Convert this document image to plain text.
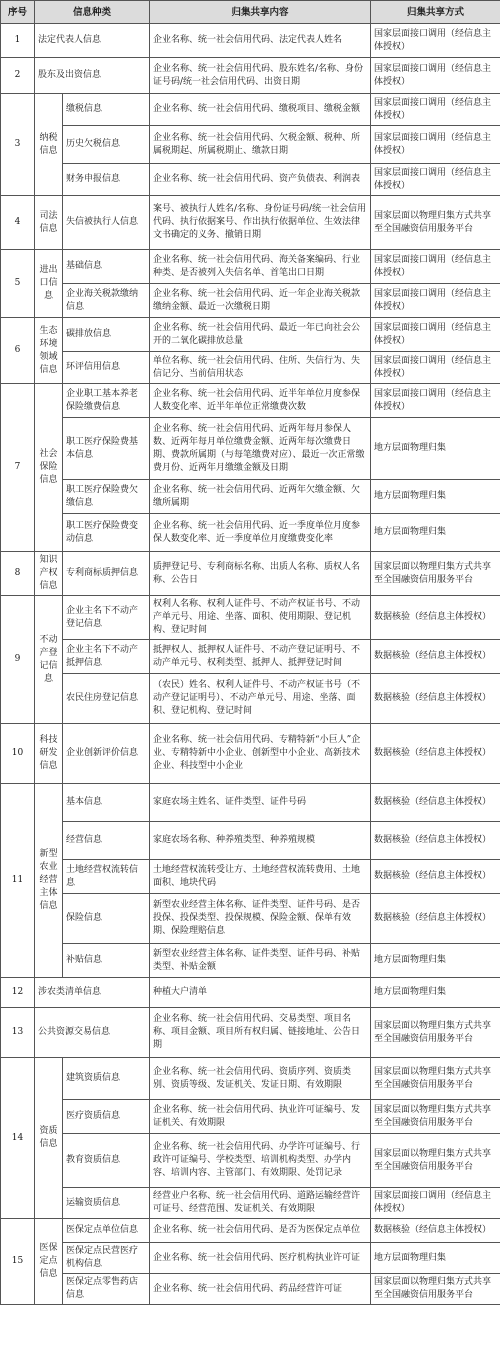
序号	信息种类		归集共享内容	归集共享方式
1	法定代表人信息		企业名称、统一社会信用代码、法定代表人姓名	国家层面接口调用（经信息主体授权）
2	股东及出资信息		企业名称、统一社会信用代码、股东姓名/名称、身份证号码/统一社会信用代码、出资日期	国家层面接口调用（经信息主体授权）
3	纳税信息	缴税信息	企业名称、统一社会信用代码、缴税项目、缴税金额	国家层面接口调用（经信息主体授权）
		历史欠税信息	企业名称、统一社会信用代码、欠税金额、税种、所属税期起、所属税期止、缴款日期	国家层面接口调用（经信息主体授权）
		财务申报信息	企业名称、统一社会信用代码、资产负债表、利润表	国家层面接口调用（经信息主体授权）
4	司法信息	失信被执行人信息	案号、被执行人姓名/名称、身份证号码/统一社会信用代码、执行依据案号、作出执行依据单位、生效法律文书确定的义务、撤销日期	国家层面以物理归集方式共享至全国融资信用服务平台
5	进出口信息	基础信息	企业名称、统一社会信用代码、海关备案编码、行业种类、是否被列入失信名单、首笔出口日期	国家层面接口调用（经信息主体授权）
		企业海关税款缴纳信息	企业名称、统一社会信用代码、近一年企业海关税款缴纳金额、最近一次缴税日期	国家层面接口调用（经信息主体授权）
6	生态环境领域信息	碳排放信息	企业名称、统一社会信用代码、最近一年已向社会公开的二氧化碳排放总量	国家层面接口调用（经信息主体授权）
		环评信用信息	单位名称、统一社会信用代码、住所、失信行为、失信记分、当前信用状态	国家层面接口调用（经信息主体授权）
7	社会保险信息	企业职工基本养老保险缴费信息	企业名称、统一社会信用代码、近半年单位月度参保人数变化率、近半年单位正常缴费次数	国家层面接口调用（经信息主体授权）
		职工医疗保险费基本信息	企业名称、统一社会信用代码、近两年每月参保人数、近两年每月单位缴费金额、近两年每次缴费日期、费款所属期（与每笔缴费对应）、最近一次正常缴费月份、近两年月缴缴金额及日期	地方层面物理归集
		职工医疗保险费欠缴信息	企业名称、统一社会信用代码、近两年欠缴金额、欠缴所属期	地方层面物理归集
		职工医疗保险费变动信息	企业名称、统一社会信用代码、近一季度单位月度参保人数变化率、近一季度单位月度缴费变化率	地方层面物理归集
8	知识产权信息	专利商标质押信息	质押登记号、专利商标名称、出质人名称、质权人名称、公告日	国家层面以物理归集方式共享至全国融资信用服务平台
9	不动产登记信息	企业主名下不动产登记信息	权利人名称、权利人证件号、不动产权证书号、不动产单元号、用途、坐落、面积、使用期限、登记机构、登记时间	数据核验（经信息主体授权）
		企业主名下不动产抵押信息	抵押权人、抵押权人证件号、不动产登记证明号、不动产单元号、权利类型、抵押人、抵押登记时间	数据核验（经信息主体授权）
		农民住房登记信息	（农民）姓名、权利人证件号、不动产权证书号（不动产登记证明号）、不动产单元号、用途、坐落、面积、登记机构、登记时间	数据核验（经信息主体授权）
10	科技研发信息	企业创新评价信息	企业名称、统一社会信用代码、专精特新“小巨人”企业、专精特新中小企业、创新型中小企业、高新技术企业、科技型中小企业	数据核验（经信息主体授权）
11	新型农业经营主体信息	基本信息	家庭农场主姓名、证件类型、证件号码	数据核验（经信息主体授权）
		经营信息	家庭农场名称、种养殖类型、种养殖规模	数据核验（经信息主体授权）
		土地经营权流转信息	土地经营权流转受让方、土地经营权流转费用、土地面积、地块代码	数据核验（经信息主体授权）
		保险信息	新型农业经营主体名称、证件类型、证件号码、是否投保、投保类型、投保规模、保险金额、保单有效期、保险理赔信息	数据核验（经信息主体授权）
		补贴信息	新型农业经营主体名称、证件类型、证件号码、补贴类型、补贴金额	地方层面物理归集
12	涉农类清单信息		种植大户清单	地方层面物理归集
13	公共资源交易信息		企业名称、统一社会信用代码、交易类型、项目名称、项目金额、项目所有权归属、链接地址、公告日期	国家层面以物理归集方式共享至全国融资信用服务平台
14	资质信息	建筑资质信息	企业名称、统一社会信用代码、资质序列、资质类别、资质等级、发证机关、发证日期、有效期限	国家层面以物理归集方式共享至全国融资信用服务平台
		医疗资质信息	企业名称、统一社会信用代码、执业许可证编号、发证机关、有效期限	国家层面以物理归集方式共享至全国融资信用服务平台
		教育资质信息	企业名称、统一社会信用代码、办学许可证编号、行政许可证编号、学校类型、培训机构类型、办学内容、培训内容、主管部门、有效期限、处罚记录	国家层面以物理归集方式共享至全国融资信用服务平台
		运输资质信息	经营业户名称、统一社会信用代码、道路运输经营许可证号、经营范围、发证机关、有效期限	国家层面接口调用（经信息主体授权）
15	医保定点信息	医保定点单位信息	企业名称、统一社会信用代码、是否为医保定点单位	数据核验（经信息主体授权）
		医保定点民营医疗机构信息	企业名称、统一社会信用代码、医疗机构执业许可证	地方层面物理归集
		医保定点零售药店信息	企业名称、统一社会信用代码、药品经营许可证	国家层面以物理归集方式共享至全国融资信用服务平台
